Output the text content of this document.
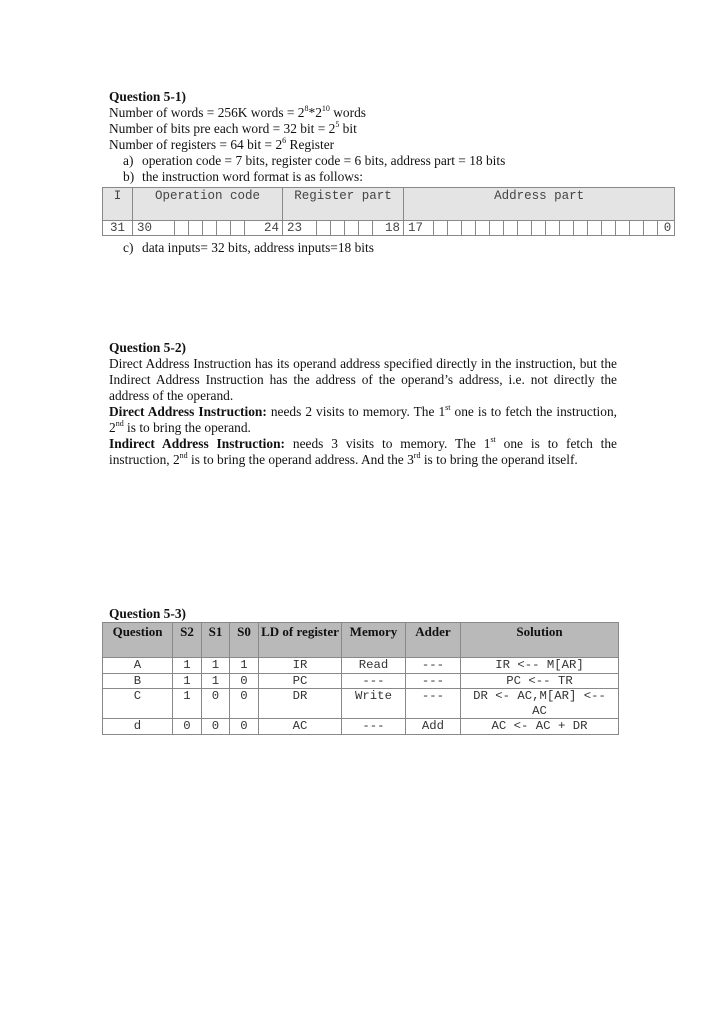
Question 5-1)
Number of words = 256K words = $2^8*2^{10}$ words
Number of bits pre each word = 32 bit = $2^5$ bit
Number of registers = 64 bit = $2^6$ Register
a) operation code = 7 bits, register code = 6 bits, address part = 18 bits
b) the instruction word format is as follows:
I	Operation code							Register part						Address part																	
31	30						24	23					18	17																	0
c) data inputs= 32 bits, address inputs=18 bits
Question 5-2)
Direct Address Instruction has its operand address specified directly in the instruction, but the Indirect Address Instruction has the address of the operand’s address, i.e. not directly the address of the operand.
Direct Address Instruction: needs 2 visits to memory. The 1st one is to fetch the instruction, 2nd is to bring the operand.
Indirect Address Instruction: needs 3 visits to memory. The 1st one is to fetch the instruction, 2nd is to bring the operand address. And the 3rd is to bring the operand itself.
Question 5-3)
Question	S2	S1	S0	LD of register	Memory	Adder	Solution
A	1	1	1	IR	Read	---	IR <-- M[AR]
B	1	1	0	PC	---	---	PC <-- TR
C	1	0	0	DR	Write	---	DR <- AC,M[AR] <-- AC
d	0	0	0	AC	---	Add	AC <- AC + DR
